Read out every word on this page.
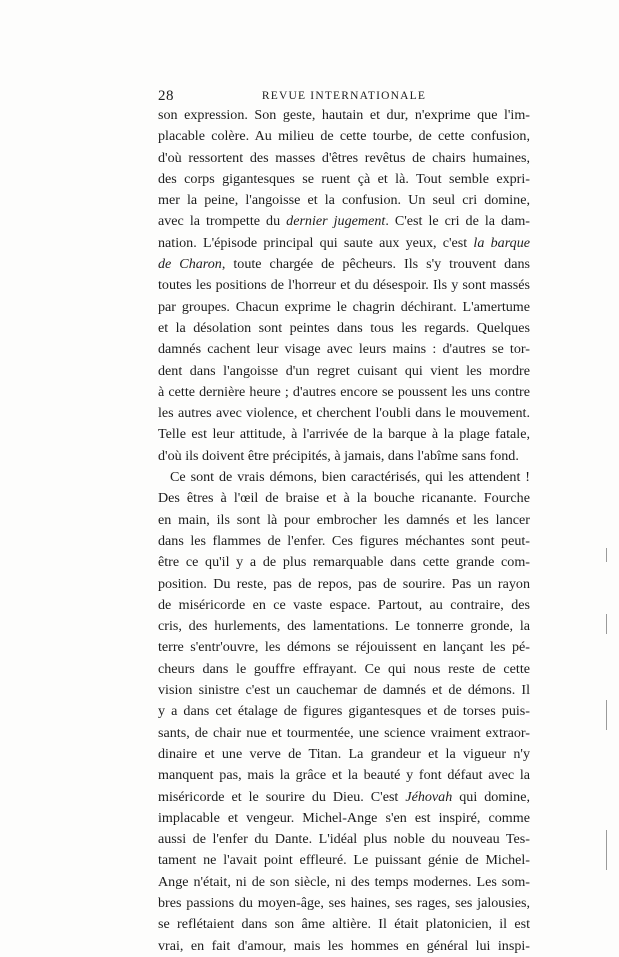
28	REVUE INTERNATIONALE
son expression. Son geste, hautain et dur, n'exprime que l'im-
placable colère. Au milieu de cette tourbe, de cette confusion,
d'où ressortent des masses d'êtres revêtus de chairs humaines,
des corps gigantesques se ruent çà et là. Tout semble expri-
mer la peine, l'angoisse et la confusion. Un seul cri domine,
avec la trompette du dernier jugement. C'est le cri de la dam-
nation. L'épisode principal qui saute aux yeux, c'est la barque
de Charon, toute chargée de pêcheurs. Ils s'y trouvent dans
toutes les positions de l'horreur et du désespoir. Ils y sont massés
par groupes. Chacun exprime le chagrin déchirant. L'amertume
et la désolation sont peintes dans tous les regards. Quelques
damnés cachent leur visage avec leurs mains : d'autres se tor-
dent dans l'angoisse d'un regret cuisant qui vient les mordre
à cette dernière heure ; d'autres encore se poussent les uns contre
les autres avec violence, et cherchent l'oubli dans le mouvement.
Telle est leur attitude, à l'arrivée de la barque à la plage fatale,
d'où ils doivent être précipités, à jamais, dans l'abîme sans fond.
Ce sont de vrais démons, bien caractérisés, qui les attendent !
Des êtres à l'œil de braise et à la bouche ricanante. Fourche
en main, ils sont là pour embrocher les damnés et les lancer
dans les flammes de l'enfer. Ces figures méchantes sont peut-
être ce qu'il y a de plus remarquable dans cette grande com-
position. Du reste, pas de repos, pas de sourire. Pas un rayon
de miséricorde en ce vaste espace. Partout, au contraire, des
cris, des hurlements, des lamentations. Le tonnerre gronde, la
terre s'entr'ouvre, les démons se réjouissent en lançant les pé-
cheurs dans le gouffre effrayant. Ce qui nous reste de cette
vision sinistre c'est un cauchemar de damnés et de démons. Il
y a dans cet étalage de figures gigantesques et de torses puis-
sants, de chair nue et tourmentée, une science vraiment extraor-
dinaire et une verve de Titan. La grandeur et la vigueur n'y
manquent pas, mais la grâce et la beauté y font défaut avec la
miséricorde et le sourire du Dieu. C'est Jéhovah qui domine,
implacable et vengeur. Michel-Ange s'en est inspiré, comme
aussi de l'enfer du Dante. L'idéal plus noble du nouveau Tes-
tament ne l'avait point effleuré. Le puissant génie de Michel-
Ange n'était, ni de son siècle, ni des temps modernes. Les som-
bres passions du moyen-âge, ses haines, ses rages, ses jalousies,
se reflétaient dans son âme altière. Il était platonicien, il est
vrai, en fait d'amour, mais les hommes en général lui inspi-
